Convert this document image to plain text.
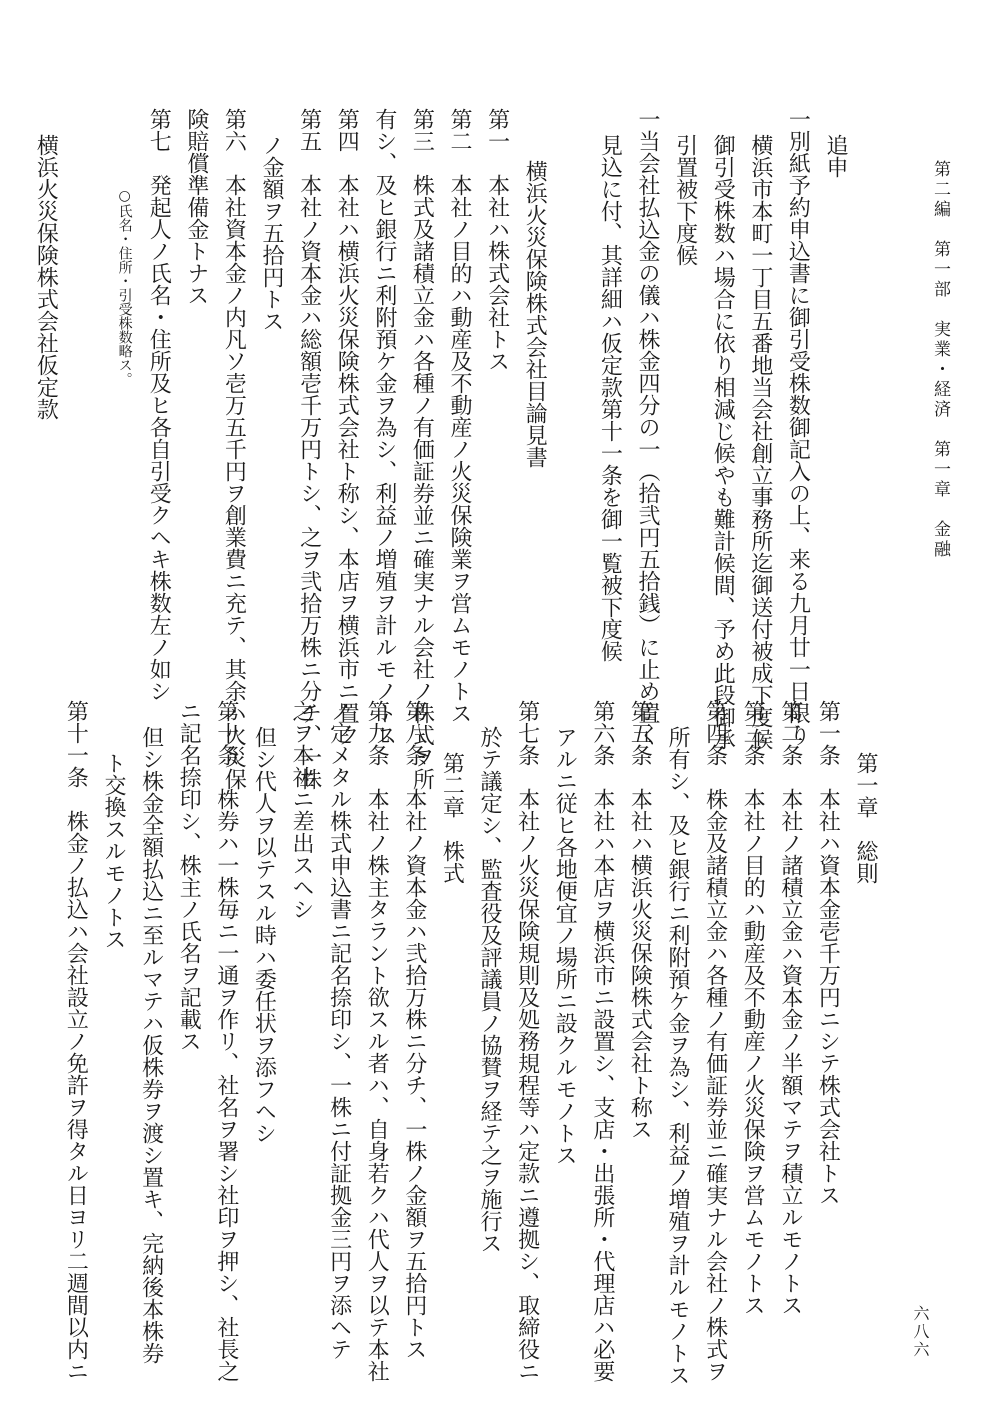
第二編　第一部　実業・経済　第一章　金融
六八六
追申
一別紙予約申込書に御引受株数御記入の上、来る九月廿一日限り
横浜市本町一丁目五番地当会社創立事務所迄御送付被成下度候
御引受株数ハ場合に依り相減じ候やも難計候間、予め此段御承
引置被下度候
一当会社払込金の儀ハ株金四分の一（拾弐円五拾銭）に止め置く
見込に付、其詳細ハ仮定款第十一条を御一覧被下度候
横浜火災保険株式会社目論見書
第一　本社ハ株式会社トス
第二　本社ノ目的ハ動産及不動産ノ火災保険業ヲ営ムモノトス
第三　株式及諸積立金ハ各種ノ有価証券並ニ確実ナル会社ノ株式ヲ所
有シ、及ヒ銀行ニ利附預ケ金ヲ為シ、利益ノ増殖ヲ計ルモノトス
第四　本社ハ横浜火災保険株式会社ト称シ、本店ヲ横浜市ニ置ク
第五　本社ノ資本金ハ総額壱千万円トシ、之ヲ弐拾万株ニ分チ、一株
ノ金額ヲ五拾円トス
第六　本社資本金ノ内凡ソ壱万五千円ヲ創業費ニ充テ、其余ハ火災保
険賠償準備金トナス
第七　発起人ノ氏名・住所及ヒ各自引受クヘキ株数左ノ如シ
○氏名・住所・引受株数略ス。
横浜火災保険株式会社仮定款
第一章　総則
第一条　本社ハ資本金壱千万円ニシテ株式会社トス
第二条　本社ノ諸積立金ハ資本金ノ半額マテヲ積立ルモノトス
第三条　本社ノ目的ハ動産及不動産ノ火災保険ヲ営ムモノトス
第四条　株金及諸積立金ハ各種ノ有価証券並ニ確実ナル会社ノ株式ヲ
所有シ、及ヒ銀行ニ利附預ケ金ヲ為シ、利益ノ増殖ヲ計ルモノトス
第五条　本社ハ横浜火災保険株式会社ト称ス
第六条　本社ハ本店ヲ横浜市ニ設置シ、支店・出張所・代理店ハ必要
アルニ従ヒ各地便宜ノ場所ニ設クルモノトス
第七条　本社ノ火災保険規則及処務規程等ハ定款ニ遵拠シ、取締役ニ
於テ議定シ、監査役及評議員ノ協賛ヲ経テ之ヲ施行ス
第二章　株式
第八条　本社ノ資本金ハ弐拾万株ニ分チ、一株ノ金額ヲ五拾円トス
第九条　本社ノ株主タラント欲スル者ハ、自身若クハ代人ヲ以テ本社
ノ定メタル株式申込書ニ記名捺印シ、一株ニ付証拠金三円ヲ添ヘテ
之ヲ本社ニ差出スヘシ
但シ代人ヲ以テスル時ハ委任状ヲ添フヘシ
第十条　株券ハ一株毎ニ一通ヲ作リ、社名ヲ署シ社印ヲ押シ、社長之
ニ記名捺印シ、株主ノ氏名ヲ記載ス
但シ株金全額払込ニ至ルマテハ仮株券ヲ渡シ置キ、完納後本株券
ト交換スルモノトス
第十一条　株金ノ払込ハ会社設立ノ免許ヲ得タル日ヨリ二週間以内ニ
